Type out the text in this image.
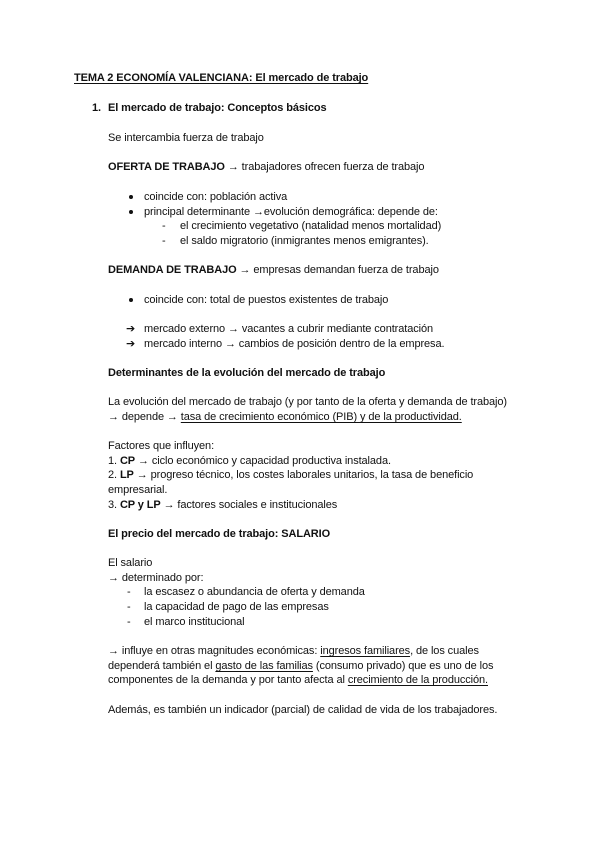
TEMA 2 ECONOMÍA VALENCIANA: El mercado de trabajo
1. El mercado de trabajo: Conceptos básicos
Se intercambia fuerza de trabajo
OFERTA DE TRABAJO → trabajadores ofrecen fuerza de trabajo
coincide con: población activa
principal determinante →evolución demográfica: depende de:
- el crecimiento vegetativo (natalidad menos mortalidad)
- el saldo migratorio (inmigrantes menos emigrantes).
DEMANDA DE TRABAJO → empresas demandan fuerza de trabajo
coincide con: total de puestos existentes de trabajo
➔ mercado externo → vacantes a cubrir mediante contratación
➔ mercado interno → cambios de posición dentro de la empresa.
Determinantes de la evolución del mercado de trabajo
La evolución del mercado de trabajo (y por tanto de la oferta y demanda de trabajo)
→ depende → tasa de crecimiento económico (PIB) y de la productividad.
Factores que influyen:
1. CP → ciclo económico y capacidad productiva instalada.
2. LP → progreso técnico, los costes laborales unitarios, la tasa de beneficio
empresarial.
3. CP y LP → factores sociales e institucionales
El precio del mercado de trabajo: SALARIO
El salario
→ determinado por:
- la escasez o abundancia de oferta y demanda
- la capacidad de pago de las empresas
- el marco institucional
→ influye en otras magnitudes económicas: ingresos familiares, de los cuales
dependerá también el gasto de las familias (consumo privado) que es uno de los
componentes de la demanda y por tanto afecta al crecimiento de la producción.
Además, es también un indicador (parcial) de calidad de vida de los trabajadores.
